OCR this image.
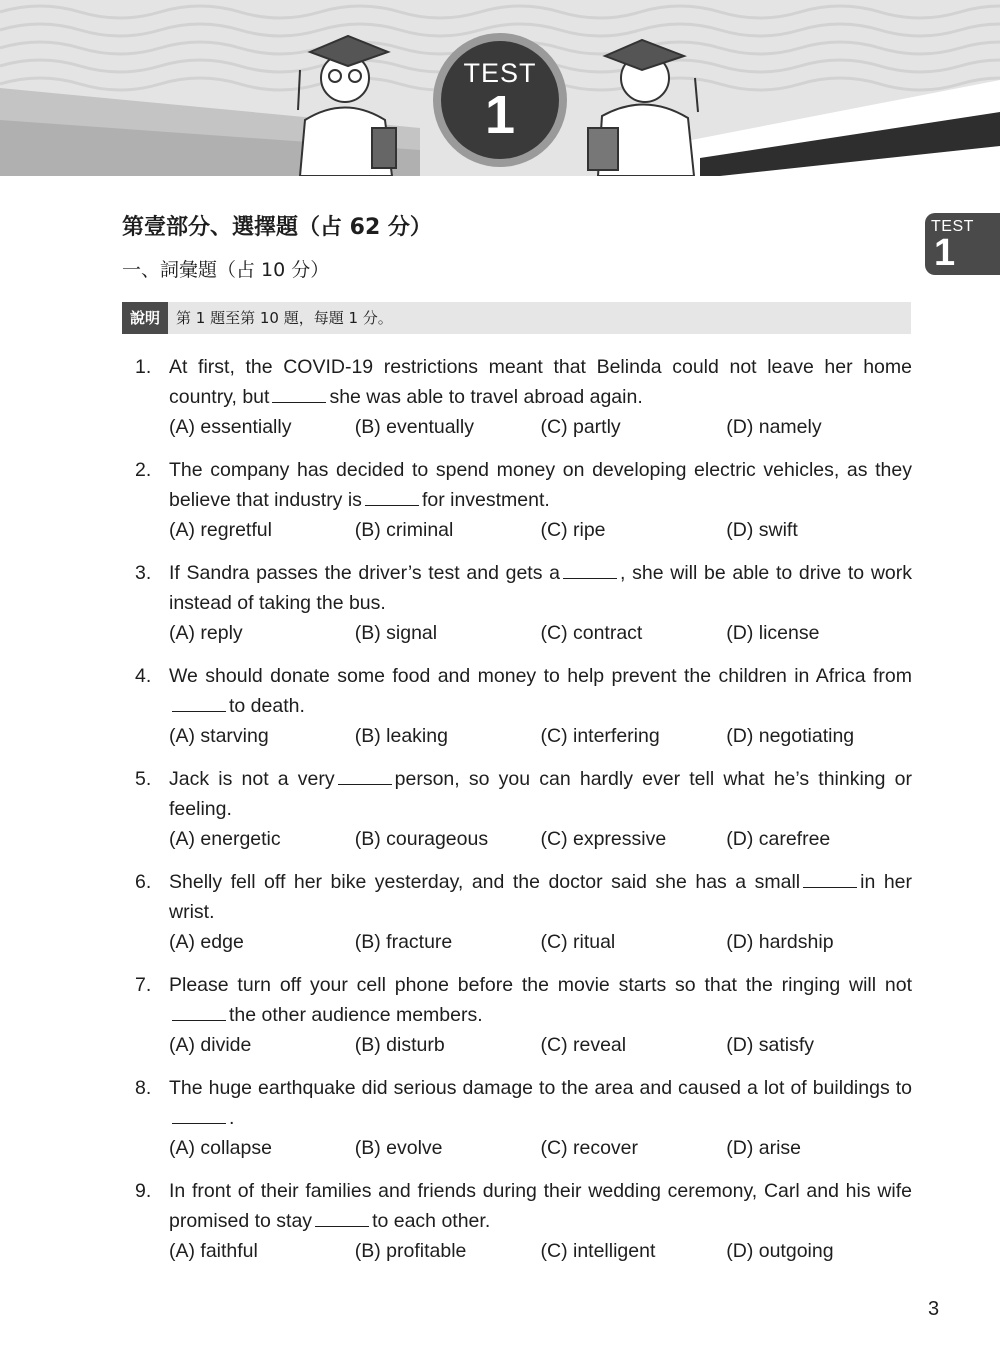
TEST
1
TEST
1
第壹部分、選擇題（占 62 分）
一、詞彙題（占 10 分）
說明	第 1 題至第 10 題，每題 1 分。
1. At first, the COVID-19 restrictions meant that Belinda could not leave her home country, but	she was able to travel abroad again.
(A) essentially	(B) eventually	(C) partly	(D) namely
2. The company has decided to spend money on developing electric vehicles, as they believe that industry is	for investment.
(A) regretful	(B) criminal	(C) ripe	(D) swift
3. If Sandra passes the driver’s test and gets a	, she will be able to drive to work instead of taking the bus.
(A) reply	(B) signal	(C) contract	(D) license
4. We should donate some food and money to help prevent the children in Africa fromto death.
(A) starving	(B) leaking	(C) interfering	(D) negotiating
5. Jack is not a very	person, so you can hardly ever tell what he’s thinking or feeling.
(A) energetic	(B) courageous	(C) expressive	(D) carefree
6. Shelly fell off her bike yesterday, and the doctor said she has a small	in her wrist.
(A) edge	(B) fracture	(C) ritual	(D) hardship
7. Please turn off your cell phone before the movie starts so that the ringing will notthe other audience members.
(A) divide	(B) disturb	(C) reveal	(D) satisfy
8. The huge earthquake did serious damage to the area and caused a lot of buildings to.
(A) collapse	(B) evolve	(C) recover	(D) arise
9. In front of their families and friends during their wedding ceremony, Carl and his wife promised to stay	to each other.
(A) faithful	(B) profitable	(C) intelligent	(D) outgoing
3
